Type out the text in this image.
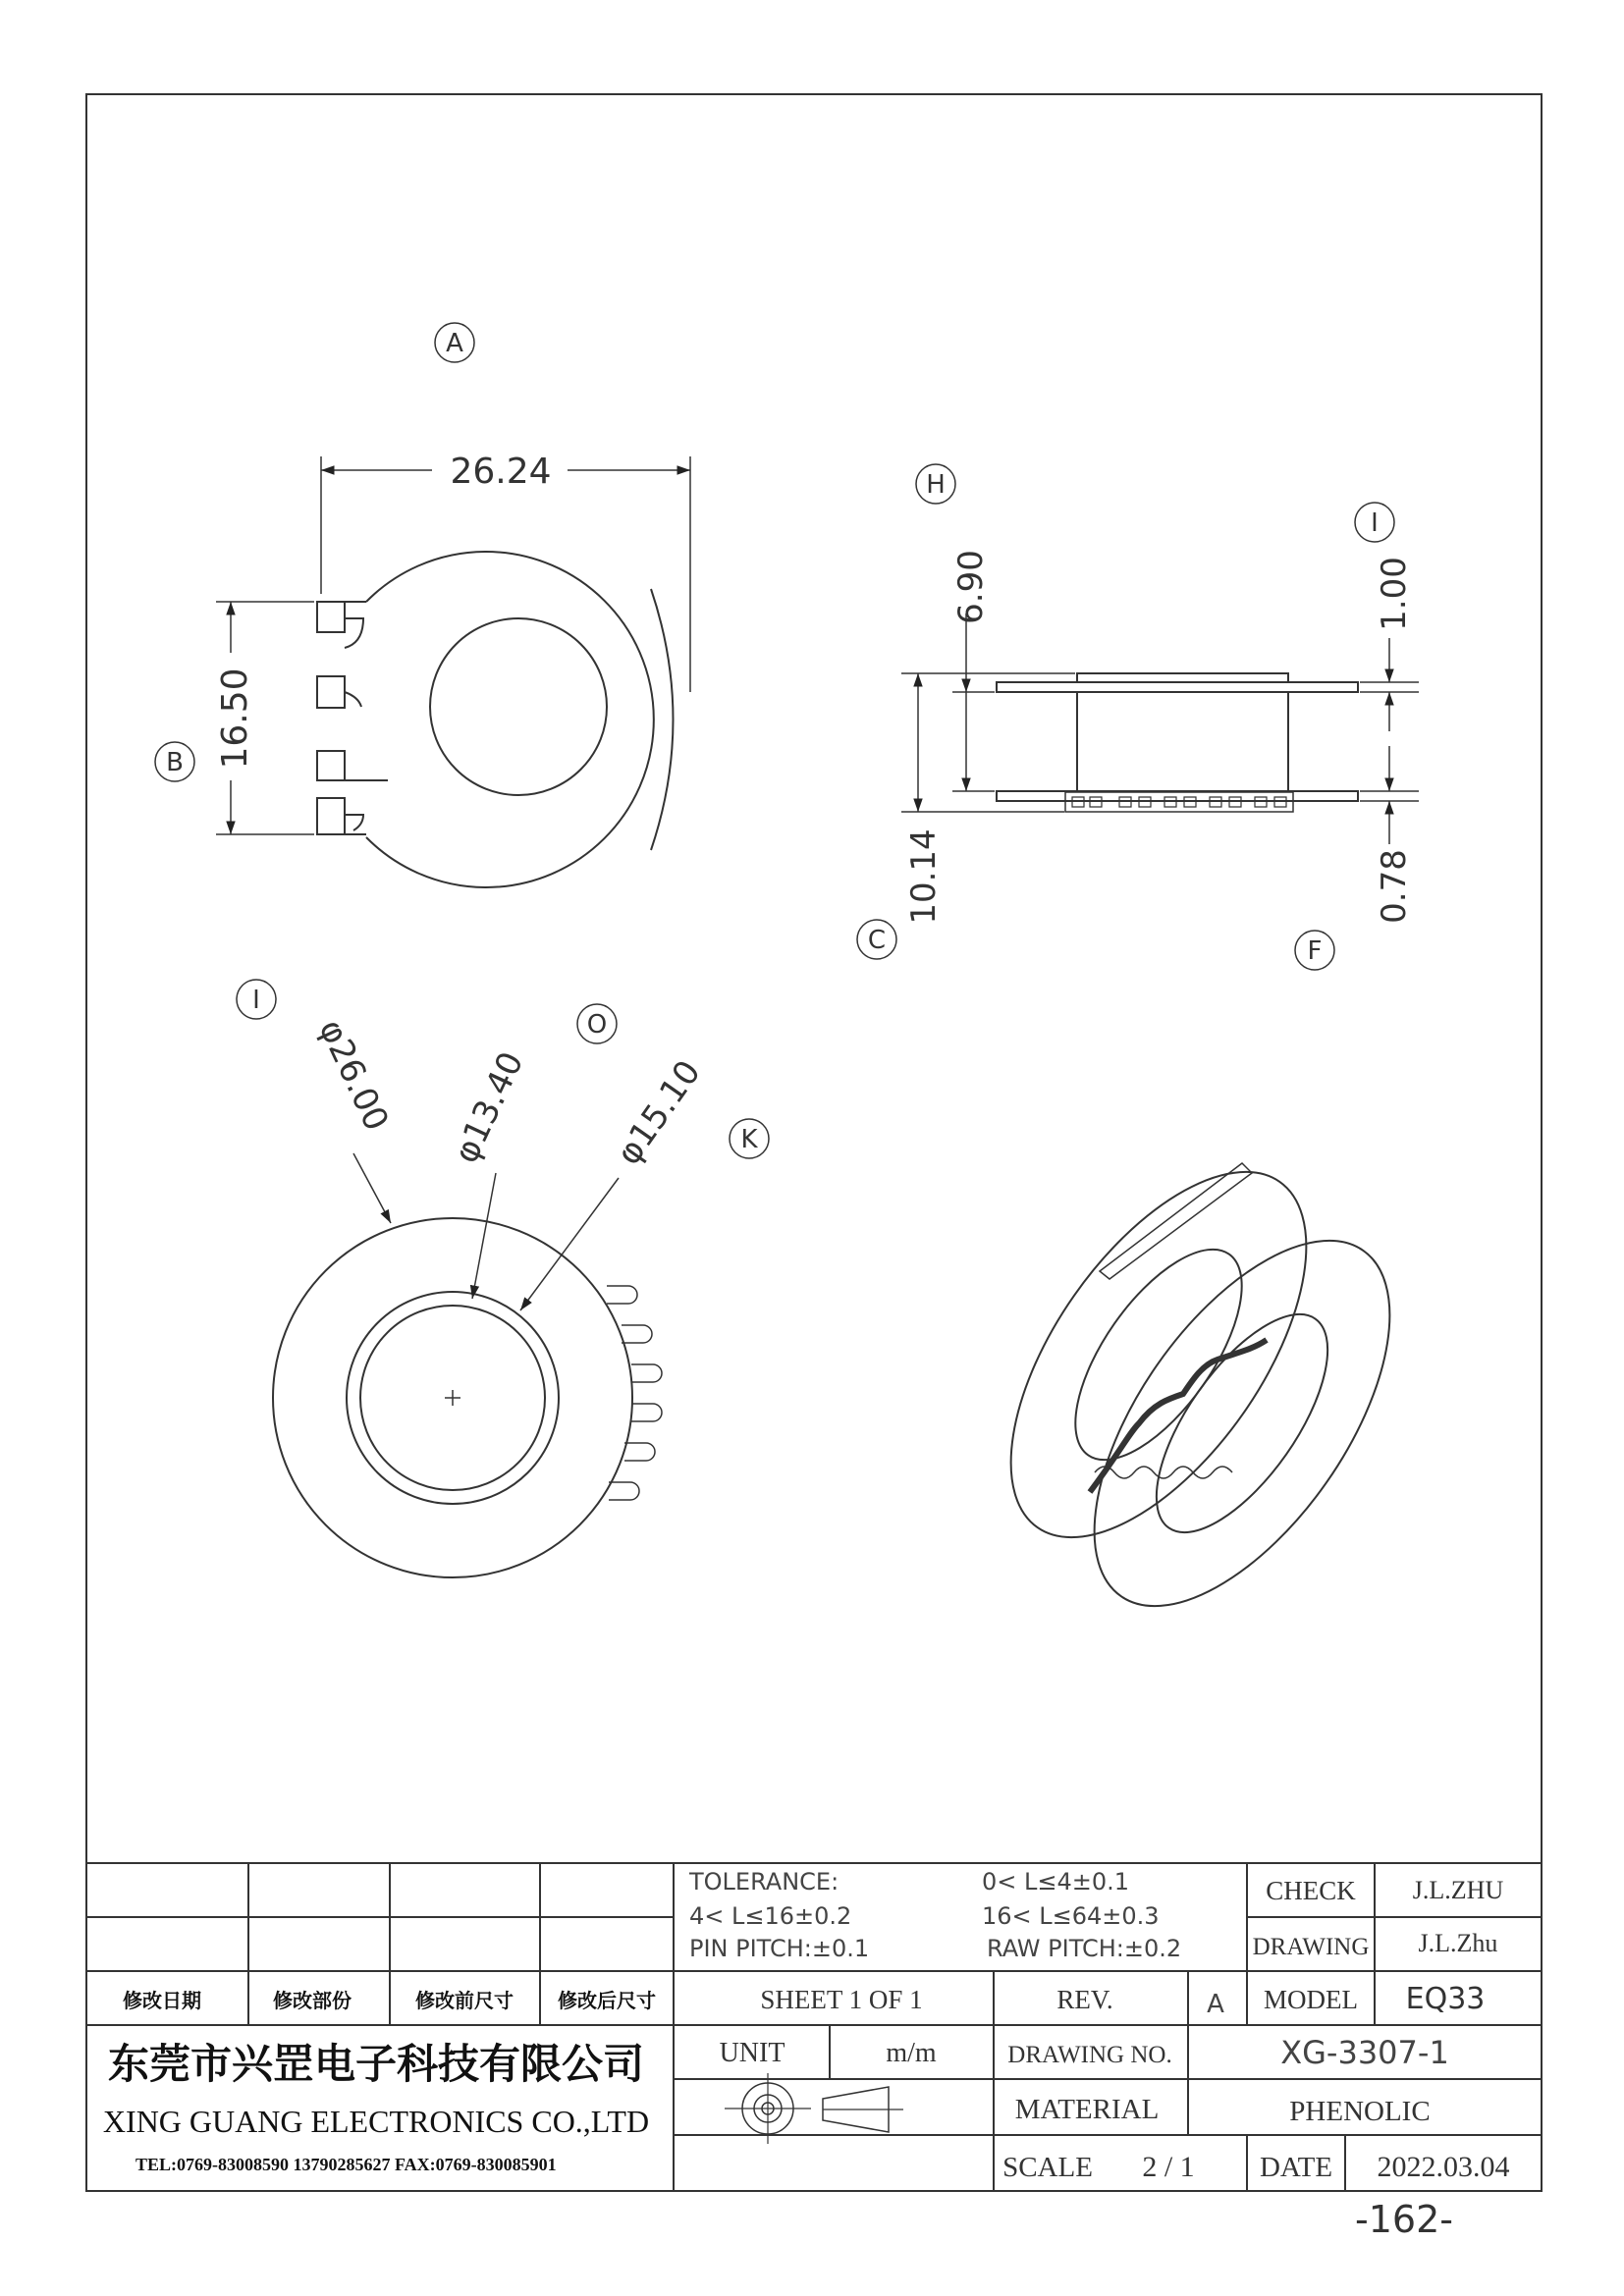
A
B
26.24
16.50
H
I
C	F
6.90	1.00
10.14	0.78
I
O
K
φ26.00 φ13.40 φ15.10
TOLERANCE:	0< L≤4±0.1
4< L≤16±0.2	16< L≤64±0.3
PIN PITCH:±0.1	RAW PITCH:±0.2
修改日期	修改部份	修改前尺寸 修改后尺寸
CHECK J.L.ZHU
DRAWING J.L.Zhu
SHEET 1 OF 1	REV.	A MODEL EQ33
东莞市兴罡电子科技有限公司
XING GUANG ELECTRONICS CO.,LTD
TEL:0769-83008590 13790285627 FAX:0769-830085901
UNIT	m/m	DRAWING NO.	XG-3307-1
MATERIAL	PHENOLIC
SCALE 2 / 1 DATE 2022.03.04
-162-
